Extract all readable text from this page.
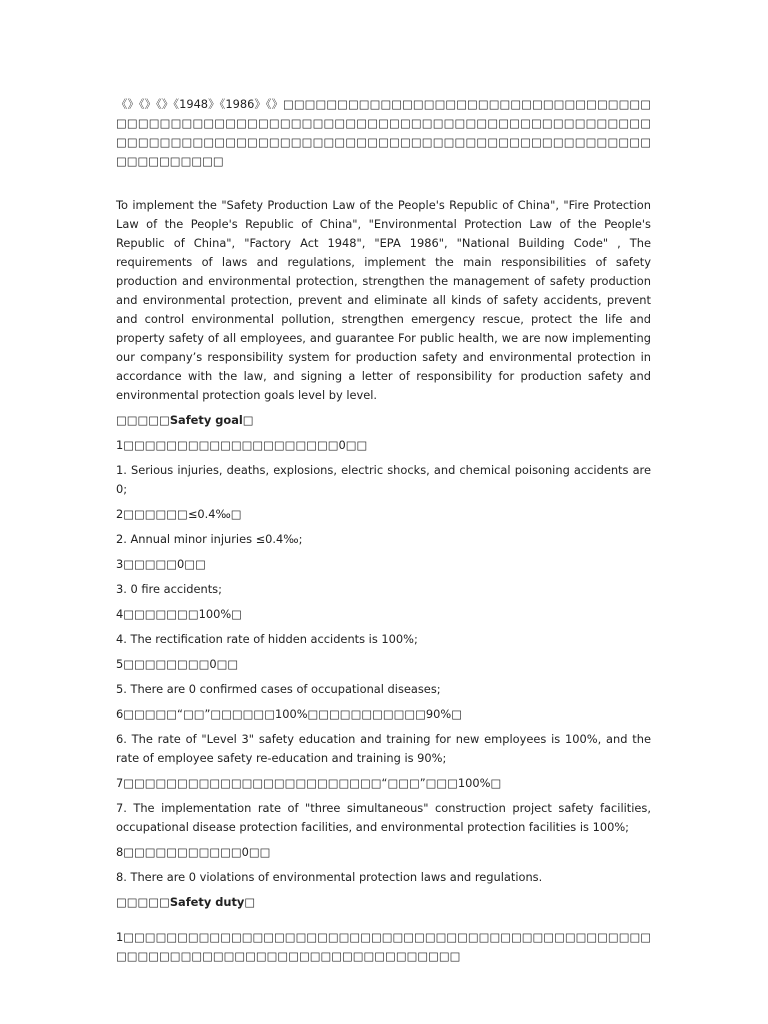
《》《》《》《1948》《1986》《》□□□□□□□□□□□□□□□□□□□□□□□□□□□□□□□□□□□□□□□□□□□□□□□□□□□□□□□□□□□□□□□□□□□□□□□□□□□□□□□□□□□□□□□□□□□□□□□□□□□□□□□□□□□□□□□□□□□□□□□□□□□□□□□□□□□□□□□□□□□□□□

To implement the "Safety Production Law of the People's Republic of China", "Fire Protection Law of the People's Republic of China", "Environmental Protection Law of the People's Republic of China", "Factory Act 1948", "EPA 1986", "National Building Code" , The requirements of laws and regulations, implement the main responsibilities of safety production and environmental protection, strengthen the management of safety production and environmental protection, prevent and eliminate all kinds of safety accidents, prevent and control environmental pollution, strengthen emergency rescue, protect the life and property safety of all employees, and guarantee For public health, we are now implementing our company’s responsibility system for production safety and environmental protection in accordance with the law, and signing a letter of responsibility for production safety and environmental protection goals level by level.

□□□□□Safety goal□

1□□□□□□□□□□□□□□□□□□□□0□□

1. Serious injuries, deaths, explosions, electric shocks, and chemical poisoning accidents are 0;

2□□□□□□≤0.4‰□

2. Annual minor injuries ≤0.4‰;

3□□□□□0□□

3. 0 fire accidents;

4□□□□□□□100%□

4. The rectification rate of hidden accidents is 100%;

5□□□□□□□□0□□

5. There are 0 confirmed cases of occupational diseases;

6□□□□□“□□”□□□□□□100%□□□□□□□□□□□90%□

6. The rate of "Level 3" safety education and training for new employees is 100%, and the rate of employee safety re-education and training is 90%;

7□□□□□□□□□□□□□□□□□□□□□□□□“□□□”□□□100%□

7. The implementation rate of "three simultaneous" construction project safety facilities, occupational disease protection facilities, and environmental protection facilities is 100%;

8□□□□□□□□□□□0□□

8. There are 0 violations of environmental protection laws and regulations.

□□□□□Safety duty□

1□□□□□□□□□□□□□□□□□□□□□□□□□□□□□□□□□□□□□□□□□□□□□□□□□□□□□□□□□□□□□□□□□□□□□□□□□□□□□□□□□
